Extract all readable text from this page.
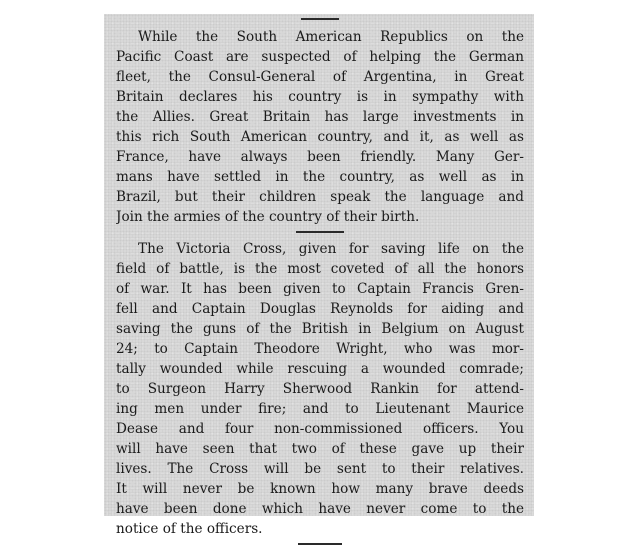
While the South American Republics on the
Pacific Coast are suspected of helping the German
fleet, the Consul-General of Argentina, in Great
Britain declares his country is in sympathy with
the Allies. Great Britain has large investments in
this rich South American country, and it, as well as
France, have always been friendly. Many Ger-
mans have settled in the country, as well as in
Brazil, but their children speak the language and
Join the armies of the country of their birth.

The Victoria Cross, given for saving life on the
field of battle, is the most coveted of all the honors
of war. It has been given to Captain Francis Gren-
fell and Captain Douglas Reynolds for aiding and
saving the guns of the British in Belgium on August
24; to Captain Theodore Wright, who was mor-
tally wounded while rescuing a wounded comrade;
to Surgeon Harry Sherwood Rankin for attend-
ing men under fire; and to Lieutenant Maurice
Dease and four non-commissioned officers. You
will have seen that two of these gave up their
lives. The Cross will be sent to their relatives.
It will never be known how many brave deeds
have been done which have never come to the
notice of the officers.
